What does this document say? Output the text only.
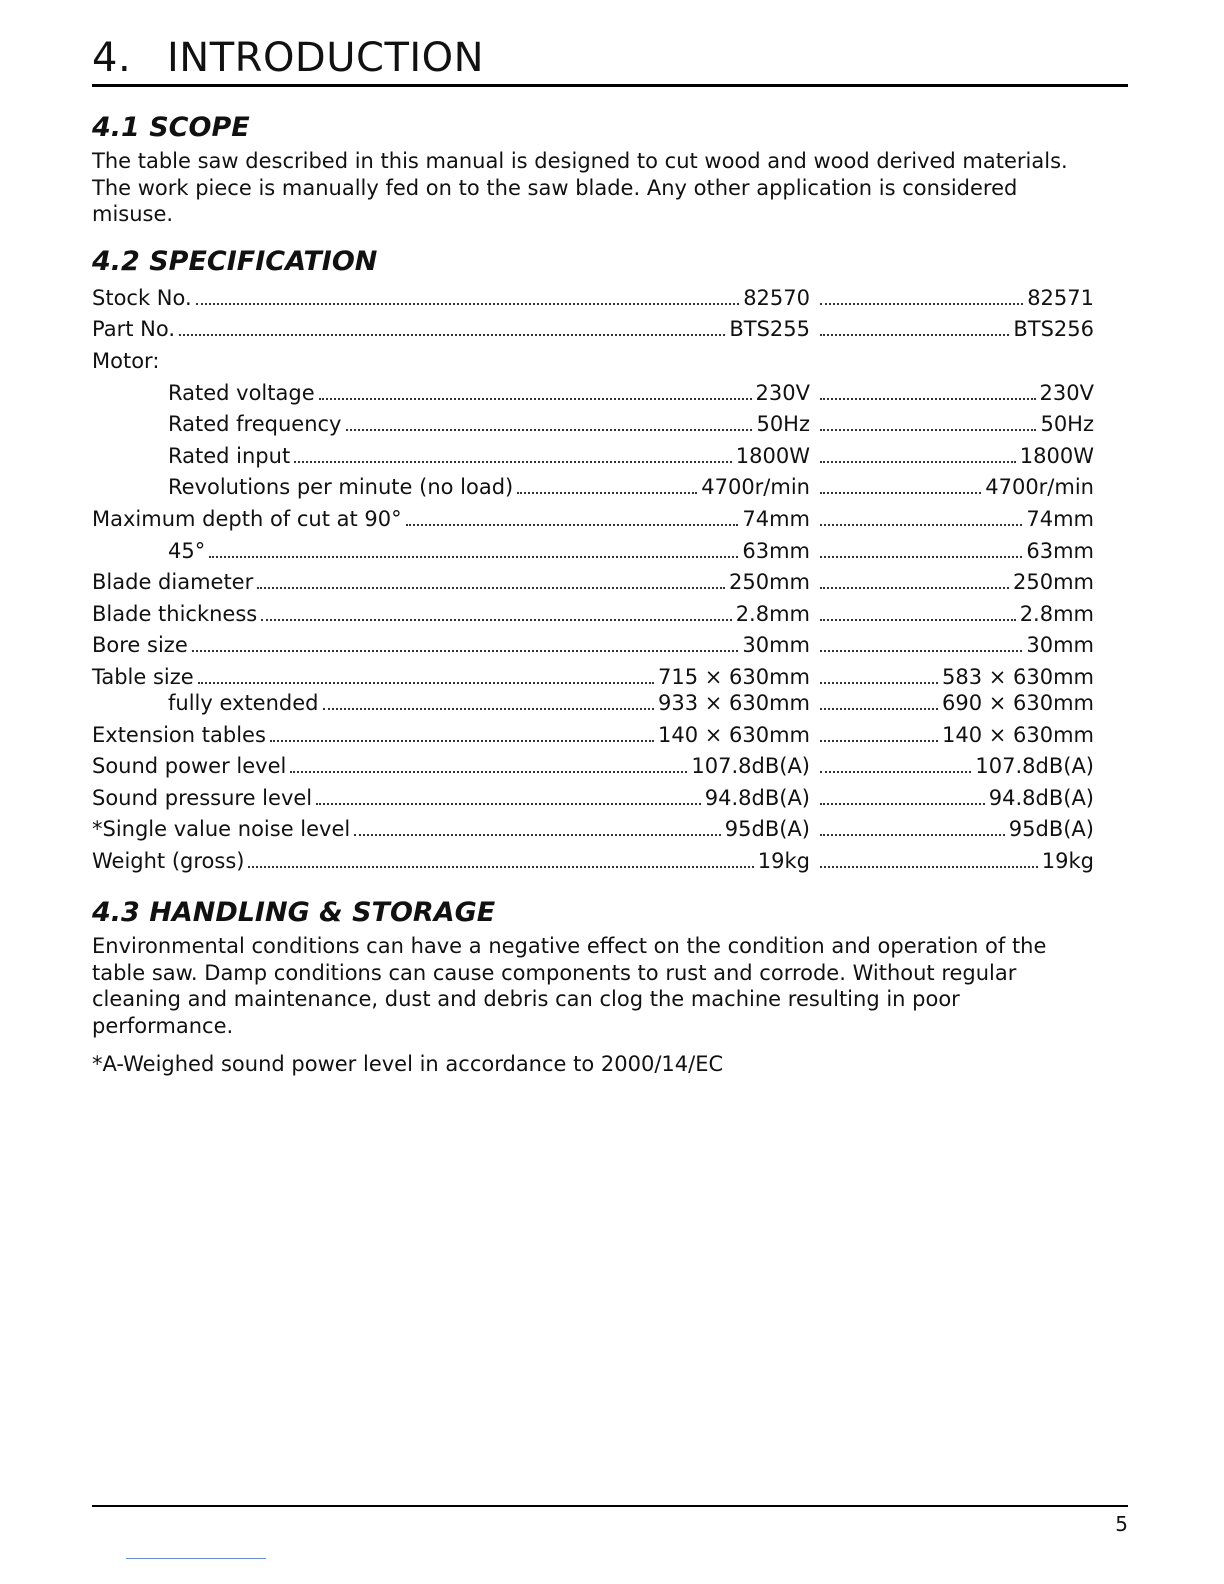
4. INTRODUCTION
4.1 SCOPE
The table saw described in this manual is designed to cut wood and wood derived materials.
The work piece is manually fed on to the saw blade. Any other application is considered
misuse.
4.2 SPECIFICATION
Stock No.	82570	82571
Part No.	BTS255	BTS256
Motor:
Rated voltage	230V	230V
Rated frequency	50Hz	50Hz
Rated input	1800W	1800W
Revolutions per minute (no load)	4700r/min	4700r/min
Maximum depth of cut at 90°	74mm	74mm
45°	63mm	63mm
Blade diameter	250mm	250mm
Blade thickness	2.8mm	2.8mm
Bore size	30mm	30mm
Table size	715 × 630mm	583 × 630mm
fully extended	933 × 630mm	690 × 630mm
Extension tables	140 × 630mm	140 × 630mm
Sound power level	107.8dB(A)	107.8dB(A)
Sound pressure level	94.8dB(A)	94.8dB(A)
*Single value noise level	95dB(A)	95dB(A)
Weight (gross)	19kg	19kg
4.3 HANDLING & STORAGE
Environmental conditions can have a negative effect on the condition and operation of the
table saw. Damp conditions can cause components to rust and corrode. Without regular
cleaning and maintenance, dust and debris can clog the machine resulting in poor
performance.
*A-Weighed sound power level in accordance to 2000/14/EC
5
